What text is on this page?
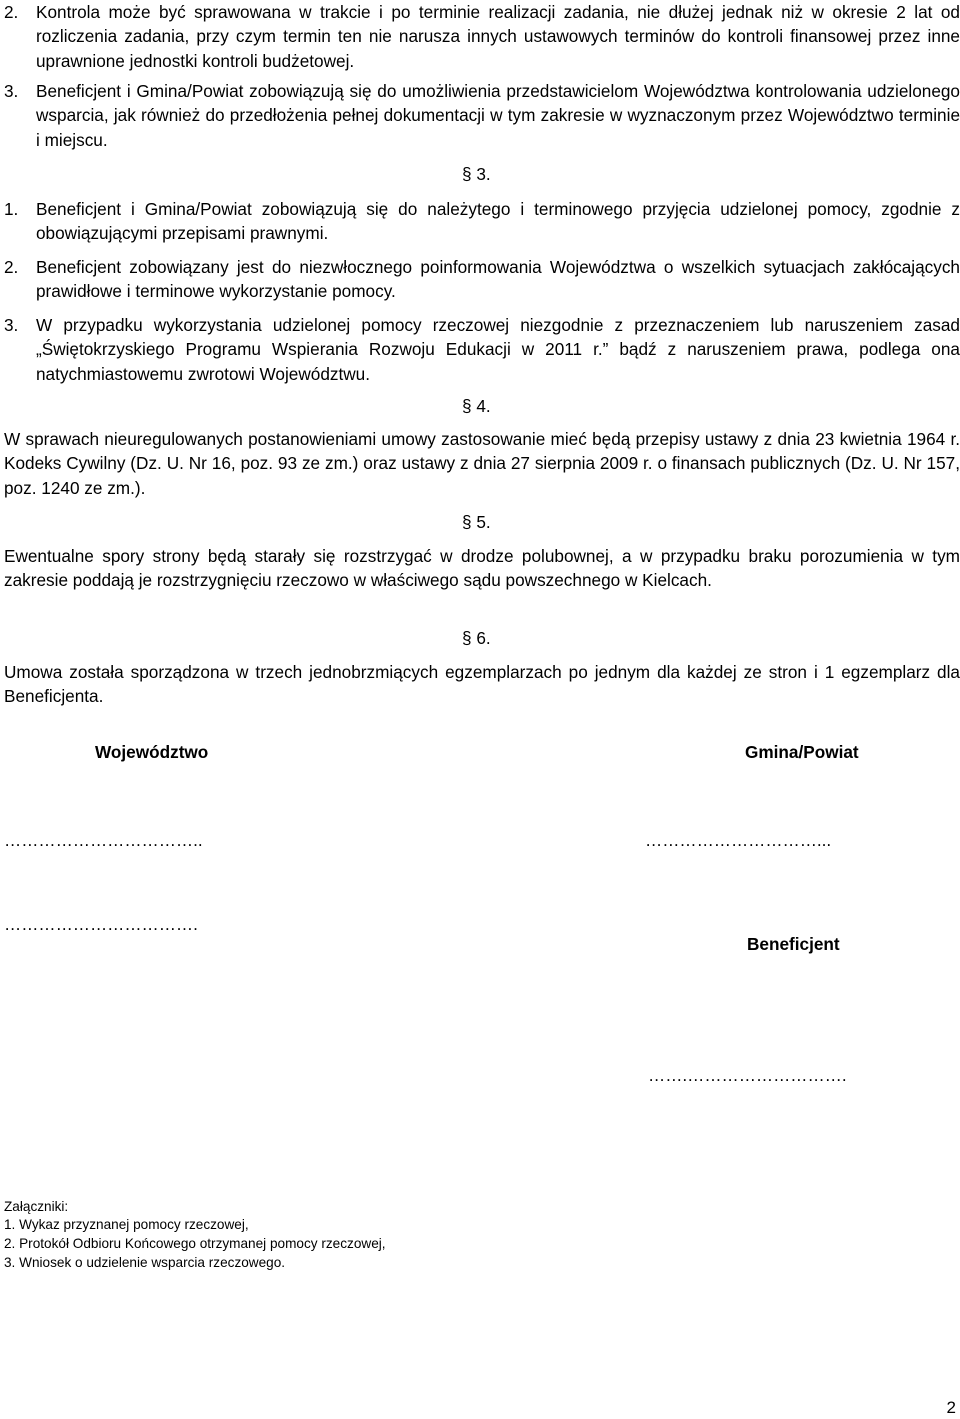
2. Kontrola może być sprawowana w trakcie i po terminie realizacji zadania, nie dłużej jednak niż w okresie 2 lat od rozliczenia zadania, przy czym termin ten nie narusza innych ustawowych terminów do kontroli finansowej przez inne uprawnione jednostki kontroli budżetowej.
3. Beneficjent i Gmina/Powiat zobowiązują się do umożliwienia przedstawicielom Województwa kontrolowania udzielonego wsparcia, jak również do przedłożenia pełnej dokumentacji w tym zakresie w wyznaczonym przez Województwo terminie i miejscu.
§ 3.
1. Beneficjent i Gmina/Powiat zobowiązują się do należytego i terminowego przyjęcia udzielonej pomocy, zgodnie z obowiązującymi przepisami prawnymi.
2. Beneficjent zobowiązany jest do niezwłocznego poinformowania Województwa o wszelkich sytuacjach zakłócających prawidłowe i terminowe wykorzystanie pomocy.
3. W przypadku wykorzystania udzielonej pomocy rzeczowej niezgodnie z przeznaczeniem lub naruszeniem zasad „Świętokrzyskiego Programu Wspierania Rozwoju Edukacji w 2011 r.” bądź z naruszeniem prawa, podlega ona natychmiastowemu zwrotowi Województwu.
§ 4.
W sprawach nieuregulowanych postanowieniami umowy zastosowanie mieć będą przepisy ustawy z dnia 23 kwietnia 1964 r. Kodeks Cywilny (Dz. U. Nr 16, poz. 93 ze zm.) oraz ustawy z dnia 27 sierpnia 2009 r. o finansach publicznych (Dz. U. Nr 157, poz. 1240 ze zm.).
§ 5.
Ewentualne spory strony będą starały się rozstrzygać w drodze polubownej, a w przypadku braku porozumienia w tym zakresie poddają je rozstrzygnięciu rzeczowo w właściwego sądu powszechnego w Kielcach.
§ 6.
Umowa została sporządzona w trzech jednobrzmiących egzemplarzach po jednym dla każdej ze stron i 1 egzemplarz dla Beneficjenta.
Województwo	Gmina/Powiat
……………………………..	…………………………...
…………………………….
Beneficjent
…….……………………….
Załączniki:
1. Wykaz przyznanej pomocy rzeczowej,
2. Protokół Odbioru Końcowego otrzymanej pomocy rzeczowej,
3. Wniosek o udzielenie wsparcia rzeczowego.
2
